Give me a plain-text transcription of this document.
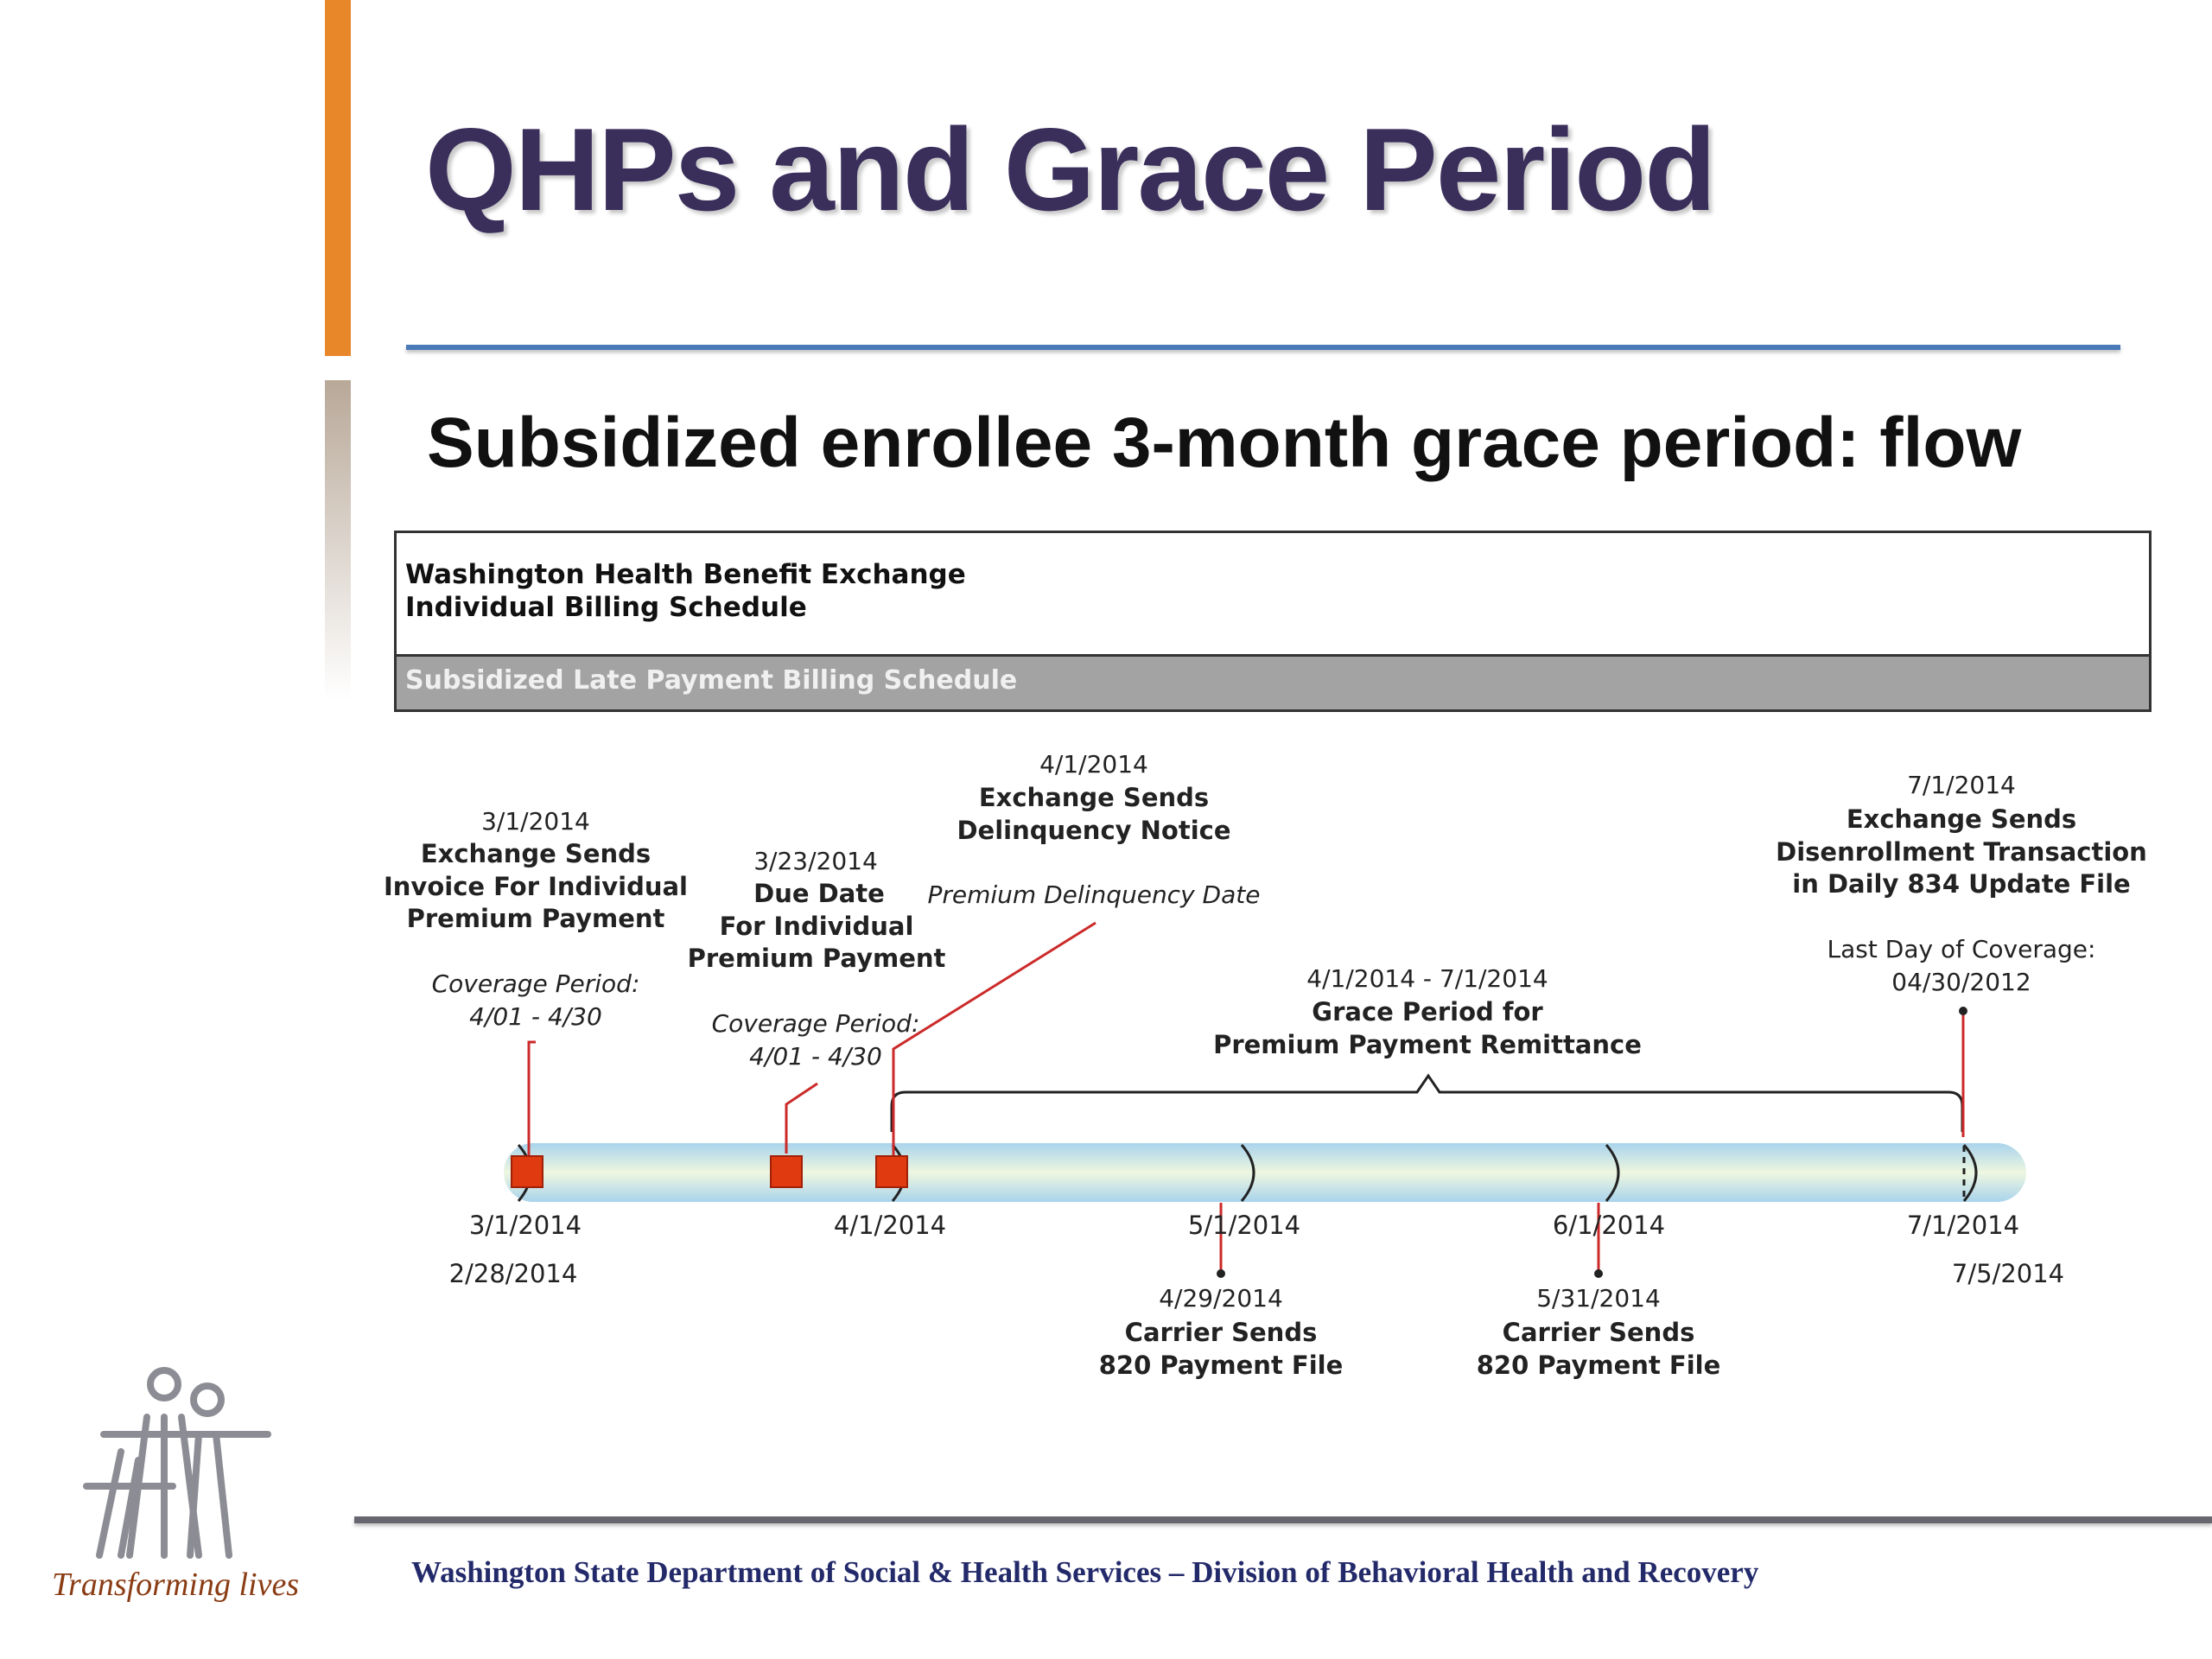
QHPs and Grace Period
Subsidized enrollee 3-month grace period: flow

Washington Health Benefit Exchange

Individual Billing Schedule

Subsidized Late Payment Billing Schedule

3/1/2014
Exchange Sends
Invoice For Individual
Premium Payment
Coverage Period:
4/01 - 4/30
3/23/2014
Due Date
For Individual
Premium Payment
Coverage Period:
4/01 - 4/30
4/1/2014
Exchange Sends
Delinquency Notice
Premium Delinquency Date
7/1/2014
Exchange Sends
Disenrollment Transaction
in Daily 834 Update File
Last Day of Coverage:
04/30/2012
4/1/2014 - 7/1/2014
Grace Period for
Premium Payment Remittance
3/1/2014	4/1/2014	5/1/2014	6/1/2014	7/1/2014
2/28/2014	7/5/2014
4/29/2014
Carrier Sends
820 Payment File
5/31/2014
Carrier Sends
820 Payment File

Transforming lives	Washington State Department of Social & Health Services – Division of Behavioral Health and Recovery
